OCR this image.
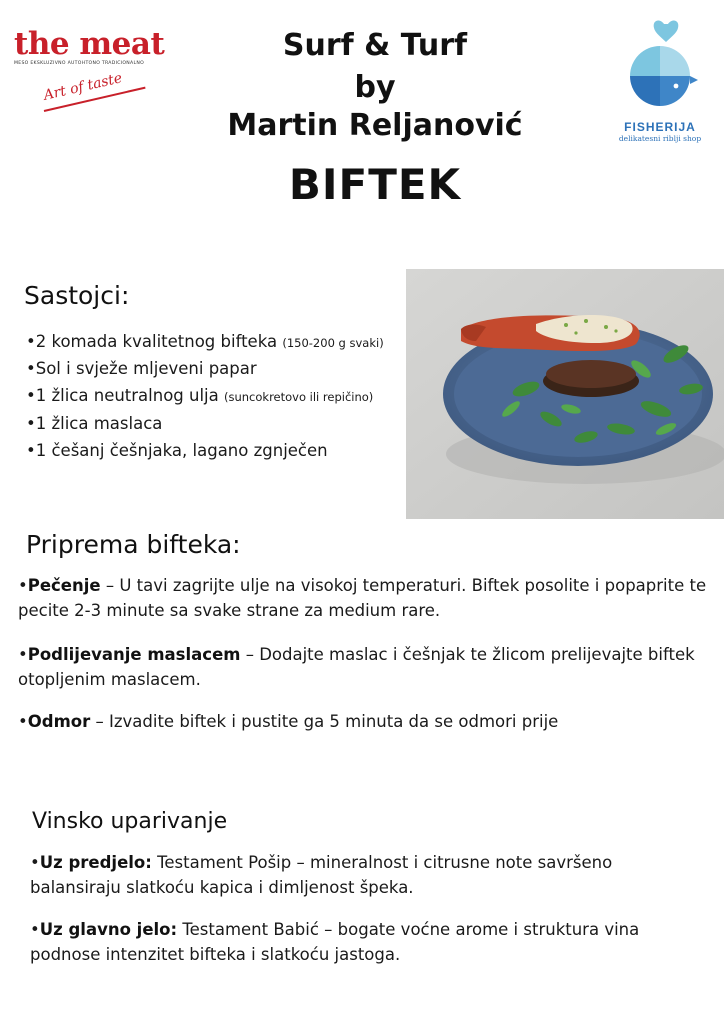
the meat
MESO EKSKLUZIVNO AUTOHTONO TRADICIONALNO
Art of taste
FISHERIJA
delikatesni riblji shop
Surf & Turf
by
Martin Reljanović
BIFTEK
Sastojci:
•2 komada kvalitetnog bifteka (150-200 g svaki)
•Sol i svježe mljeveni papar
•1 žlica neutralnog ulja (suncokretovo ili repičino)
•1 žlica maslaca
•1 češanj češnjaka, lagano zgnječen
Priprema bifteka:
•Pečenje – U tavi zagrijte ulje na visokoj temperaturi. Biftek posolite i popaprite te pecite 2-3 minute sa svake strane za medium rare.
•Podlijevanje maslacem – Dodajte maslac i češnjak te žlicom prelijevajte biftek otopljenim maslacem.
•Odmor – Izvadite biftek i pustite ga 5 minuta da se odmori prije
Vinsko uparivanje
•Uz predjelo: Testament Pošip – mineralnost i citrusne note savršeno balansiraju slatkoću kapica i dimljenost špeka.
•Uz glavno jelo: Testament Babić – bogate voćne arome i struktura vina podnose intenzitet bifteka i slatkoću jastoga.
